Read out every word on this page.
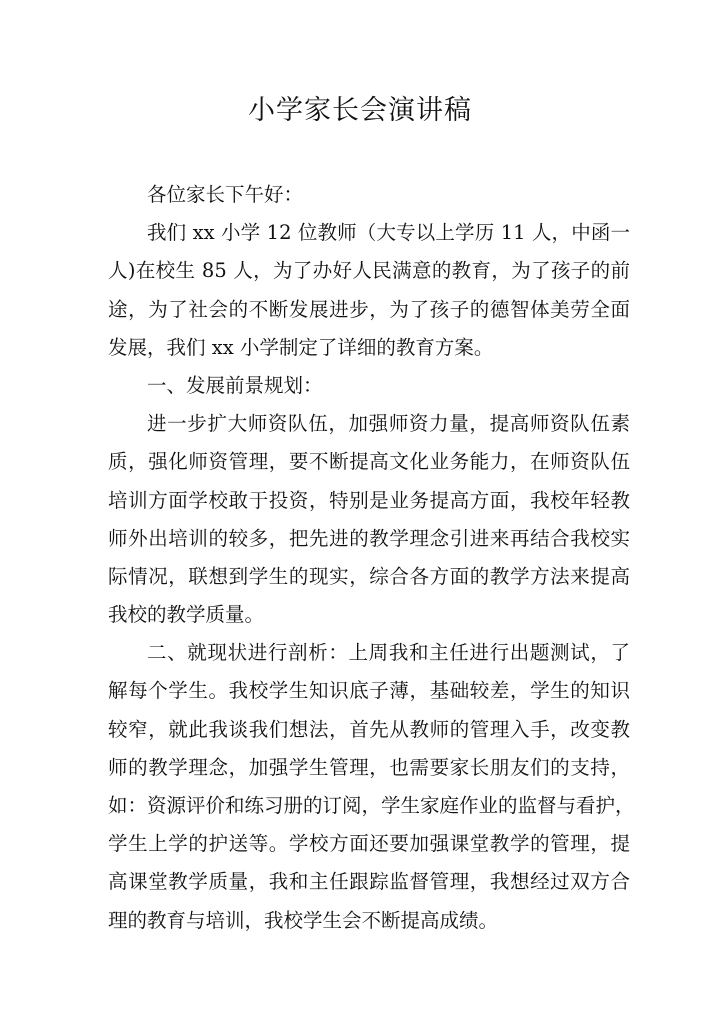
小学家长会演讲稿
各位家长下午好：
我们 xx 小学 12 位教师（大专以上学历 11 人，中函一
人)在校生 85 人，为了办好人民满意的教育，为了孩子的前
途，为了社会的不断发展进步，为了孩子的德智体美劳全面
发展，我们 xx 小学制定了详细的教育方案。
一、发展前景规划：
进一步扩大师资队伍，加强师资力量，提高师资队伍素
质，强化师资管理，要不断提高文化业务能力，在师资队伍
培训方面学校敢于投资，特别是业务提高方面，我校年轻教
师外出培训的较多，把先进的教学理念引进来再结合我校实
际情况，联想到学生的现实，综合各方面的教学方法来提高
我校的教学质量。
二、就现状进行剖析：上周我和主任进行出题测试，了
解每个学生。我校学生知识底子薄，基础较差，学生的知识
较窄，就此我谈我们想法，首先从教师的管理入手，改变教
师的教学理念，加强学生管理，也需要家长朋友们的支持，
如：资源评价和练习册的订阅，学生家庭作业的监督与看护，
学生上学的护送等。学校方面还要加强课堂教学的管理，提
高课堂教学质量，我和主任跟踪监督管理，我想经过双方合
理的教育与培训，我校学生会不断提高成绩。
